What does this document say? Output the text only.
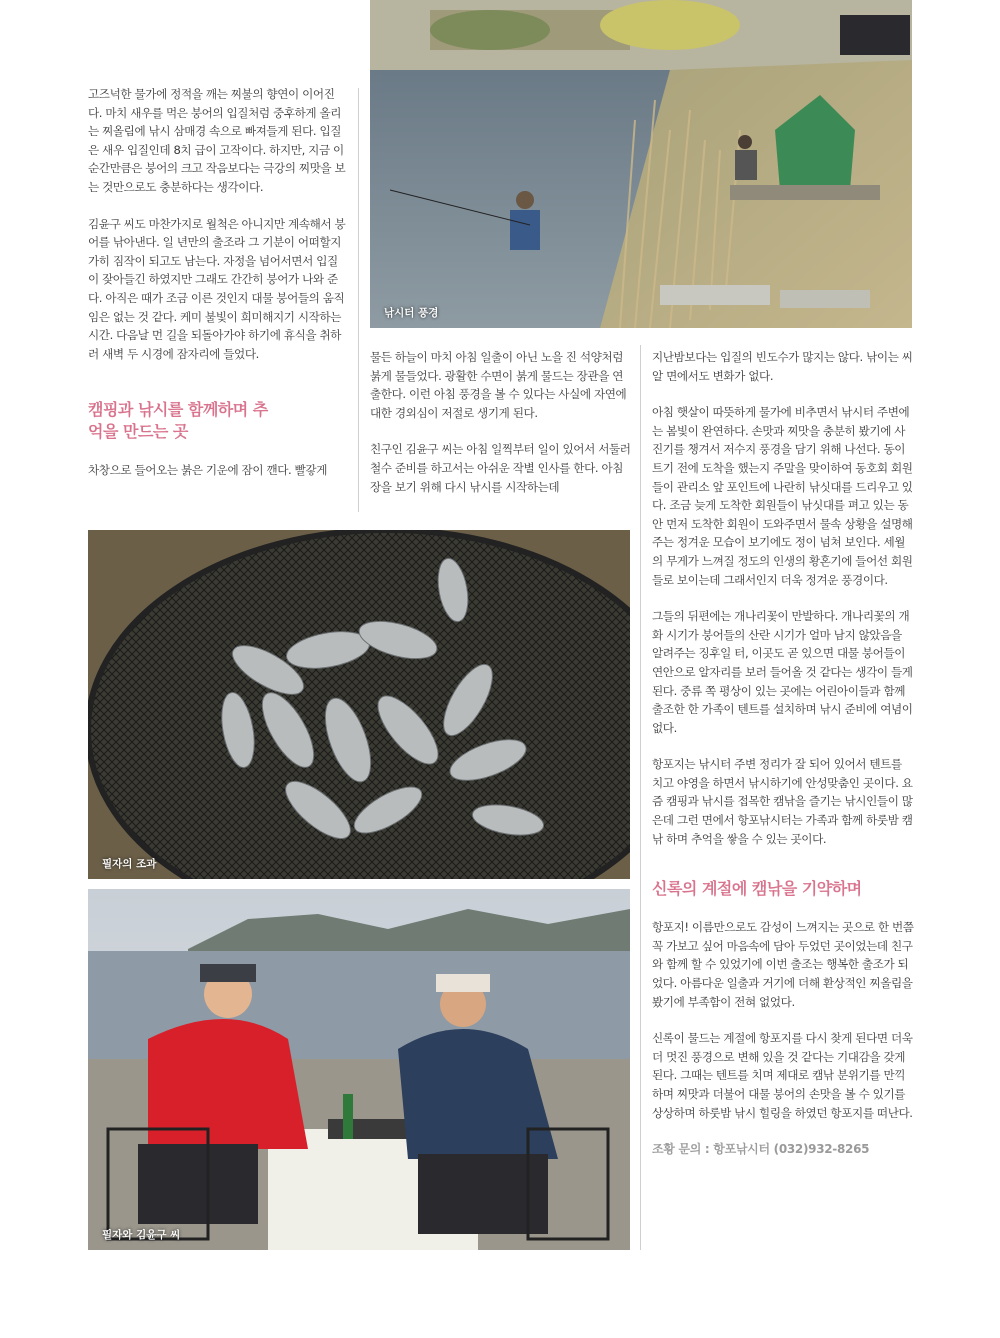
고즈넉한 물가에 정적을 깨는 찌불의 향연이 이어진다. 마치 새우를 먹은 붕어의 입질처럼 중후하게 올리는 찌올림에 낚시 삼매경 속으로 빠져들게 된다. 입질은 새우 입질인데 8치 급이 고작이다. 하지만, 지금 이 순간만큼은 붕어의 크고 작음보다는 극강의 찌맛을 보는 것만으로도 충분하다는 생각이다.

김윤구 씨도 마찬가지로 월척은 아니지만 계속해서 붕어를 낚아낸다. 일 년만의 출조라 그 기분이 어떠할지 가히 짐작이 되고도 남는다. 자정을 넘어서면서 입질이 잦아들긴 하였지만 그래도 간간히 붕어가 나와 준다. 아직은 때가 조금 이른 것인지 대물 붕어들의 움직임은 없는 것 같다. 케미 불빛이 희미해지기 시작하는 시간. 다음날 먼 길을 되돌아가야 하기에 휴식을 취하러 새벽 두 시경에 잠자리에 들었다.

캠핑과 낚시를 함께하며 추억을 만드는 곳

차창으로 들어오는 붉은 기운에 잠이 깬다. 빨갛게

낚시터 풍경

물든 하늘이 마치 아침 일출이 아닌 노을 진 석양처럼 붉게 물들었다. 광활한 수면이 붉게 물드는 장관을 연출한다. 이런 아침 풍경을 볼 수 있다는 사실에 자연에 대한 경외심이 저절로 생기게 된다.

친구인 김윤구 씨는 아침 일찍부터 일이 있어서 서둘러 철수 준비를 하고서는 아쉬운 작별 인사를 한다. 아침장을 보기 위해 다시 낚시를 시작하는데

필자의 조과
필자와 김윤구 씨

지난밤보다는 입질의 빈도수가 많지는 않다. 낚이는 씨알 면에서도 변화가 없다.

아침 햇살이 따뜻하게 물가에 비추면서 낚시터 주변에는 봄빛이 완연하다. 손맛과 찌맛을 충분히 봤기에 사진기를 챙겨서 저수지 풍경을 담기 위해 나선다. 동이 트기 전에 도착을 했는지 주말을 맞이하여 동호회 회원들이 관리소 앞 포인트에 나란히 낚싯대를 드리우고 있다. 조금 늦게 도착한 회원들이 낚싯대를 펴고 있는 동안 먼저 도착한 회원이 도와주면서 물속 상황을 설명해주는 정겨운 모습이 보기에도 정이 넘쳐 보인다. 세월의 무게가 느껴질 정도의 인생의 황혼기에 들어선 회원들로 보이는데 그래서인지 더욱 정겨운 풍경이다.

그들의 뒤편에는 개나리꽃이 만발하다. 개나리꽃의 개화 시기가 붕어들의 산란 시기가 얼마 남지 않았음을 알려주는 징후일 터, 이곳도 곧 있으면 대물 붕어들이 연안으로 알자리를 보러 들어올 것 같다는 생각이 들게 된다. 중류 쪽 평상이 있는 곳에는 어린아이들과 함께 출조한 한 가족이 텐트를 설치하며 낚시 준비에 여념이 없다.

항포지는 낚시터 주변 정리가 잘 되어 있어서 텐트를 치고 야영을 하면서 낚시하기에 안성맞춤인 곳이다. 요즘 캠핑과 낚시를 접목한 캠낚을 즐기는 낚시인들이 많은데 그런 면에서 항포낚시터는 가족과 함께 하룻밤 캠낚 하며 추억을 쌓을 수 있는 곳이다.

신록의 계절에 캠낚을 기약하며

항포지! 이름만으로도 감성이 느껴지는 곳으로 한 번쯤 꼭 가보고 싶어 마음속에 담아 두었던 곳이었는데 친구와 함께 할 수 있었기에 이번 출조는 행복한 출조가 되었다. 아름다운 일출과 거기에 더해 환상적인 찌올림을 봤기에 부족함이 전혀 없었다.

신록이 물드는 계절에 항포지를 다시 찾게 된다면 더욱더 멋진 풍경으로 변해 있을 것 같다는 기대감을 갖게 된다. 그때는 텐트를 치며 제대로 캠낚 분위기를 만끽하며 찌맛과 더불어 대물 붕어의 손맛을 볼 수 있기를 상상하며 하룻밤 낚시 힐링을 하였던 항포지를 떠난다.

조황 문의 : 항포낚시터 (032)932-8265
